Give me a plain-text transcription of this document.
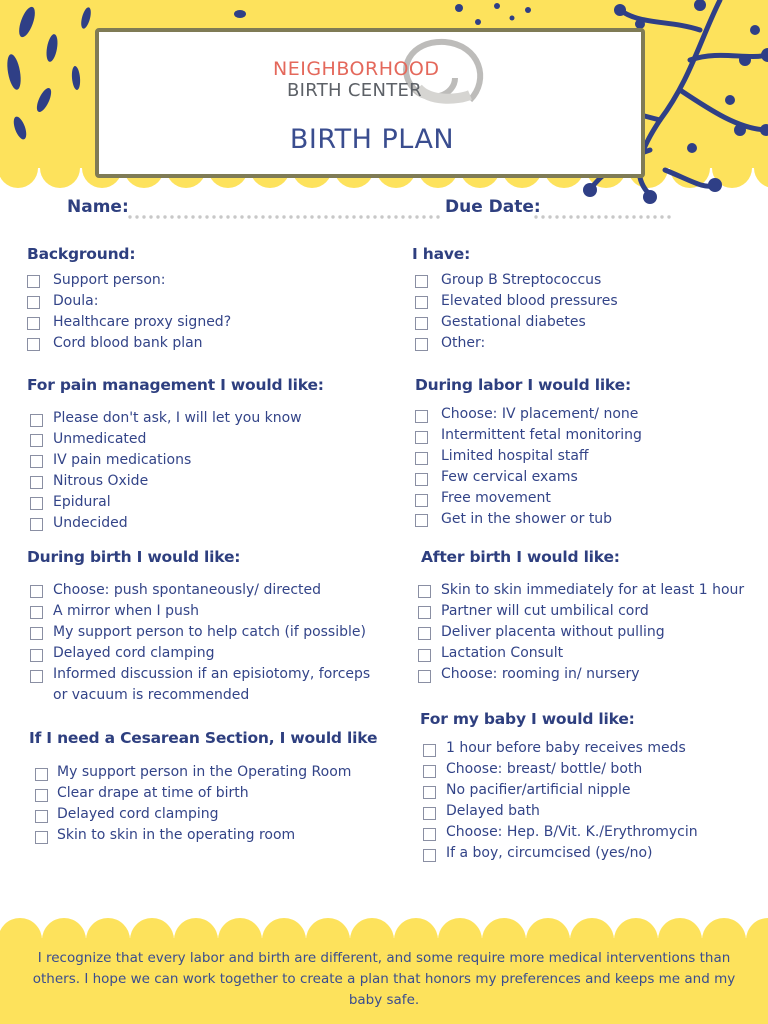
NEIGHBORHOOD
BIRTH CENTER
BIRTH PLAN
Name:	Due Date:
Background:
Support person:
Doula:
Healthcare proxy signed?
Cord blood bank plan
I have:
Group B Streptococcus
Elevated blood pressures
Gestational diabetes
Other:
For pain management I would like:
Please don't ask, I will let you know
Unmedicated
IV pain medications
Nitrous Oxide
Epidural
Undecided
During labor I would like:
Choose: IV placement/ none
Intermittent fetal monitoring
Limited hospital staff
Few cervical exams
Free movement
Get in the shower or tub
During birth I would like:
Choose: push spontaneously/ directed
A mirror when I push
My support person to help catch (if possible)
Delayed cord clamping
Informed discussion if an episiotomy, forceps
or vacuum is recommended
After birth I would like:
Skin to skin immediately for at least 1 hour
Partner will cut umbilical cord
Deliver placenta without pulling
Lactation Consult
Choose: rooming in/ nursery
If I need a Cesarean Section, I would like
My support person in the Operating Room
Clear drape at time of birth
Delayed cord clamping
Skin to skin in the operating room
For my baby I would like:
1 hour before baby receives meds
Choose: breast/ bottle/ both
No pacifier/artificial nipple
Delayed bath
Choose: Hep. B/Vit. K./Erythromycin
If a boy, circumcised (yes/no)
I recognize that every labor and birth are different, and some require more medical interventions than others. I hope we can work together to create a plan that honors my preferences and keeps me and my baby safe.
